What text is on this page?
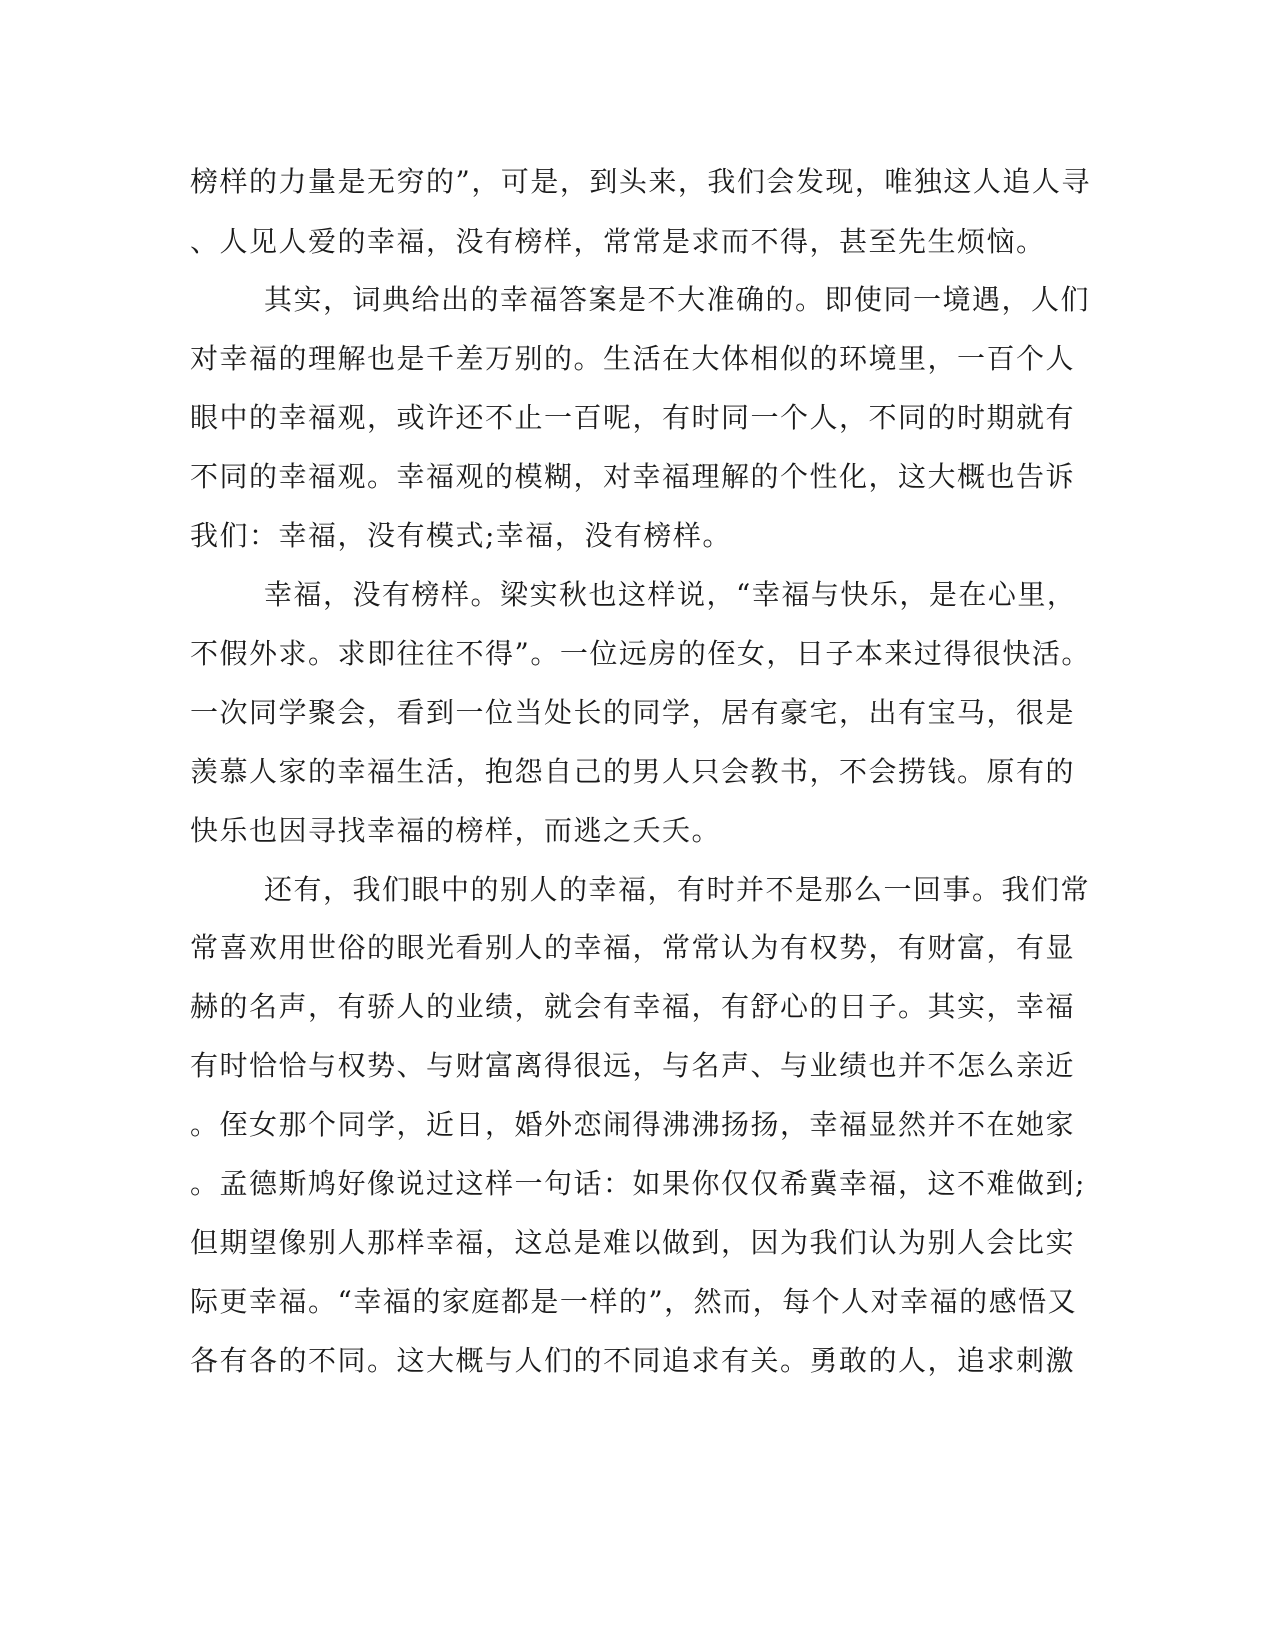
榜样的力量是无穷的”，可是，到头来，我们会发现，唯独这人追人寻
、人见人爱的幸福，没有榜样，常常是求而不得，甚至先生烦恼。
其实，词典给出的幸福答案是不大准确的。即使同一境遇，人们
对幸福的理解也是千差万别的。生活在大体相似的环境里，一百个人
眼中的幸福观，或许还不止一百呢，有时同一个人，不同的时期就有
不同的幸福观。幸福观的模糊，对幸福理解的个性化，这大概也告诉
我们：幸福，没有模式;幸福，没有榜样。
幸福，没有榜样。梁实秋也这样说，“幸福与快乐，是在心里，
不假外求。求即往往不得”。一位远房的侄女，日子本来过得很快活。
一次同学聚会，看到一位当处长的同学，居有豪宅，出有宝马，很是
羡慕人家的幸福生活，抱怨自己的男人只会教书，不会捞钱。原有的
快乐也因寻找幸福的榜样，而逃之夭夭。
还有，我们眼中的别人的幸福，有时并不是那么一回事。我们常
常喜欢用世俗的眼光看别人的幸福，常常认为有权势，有财富，有显
赫的名声，有骄人的业绩，就会有幸福，有舒心的日子。其实，幸福
有时恰恰与权势、与财富离得很远，与名声、与业绩也并不怎么亲近
。侄女那个同学，近日，婚外恋闹得沸沸扬扬，幸福显然并不在她家
。孟德斯鸠好像说过这样一句话：如果你仅仅希冀幸福，这不难做到;
但期望像别人那样幸福，这总是难以做到，因为我们认为别人会比实
际更幸福。“幸福的家庭都是一样的”，然而，每个人对幸福的感悟又
各有各的不同。这大概与人们的不同追求有关。勇敢的人，追求刺激
